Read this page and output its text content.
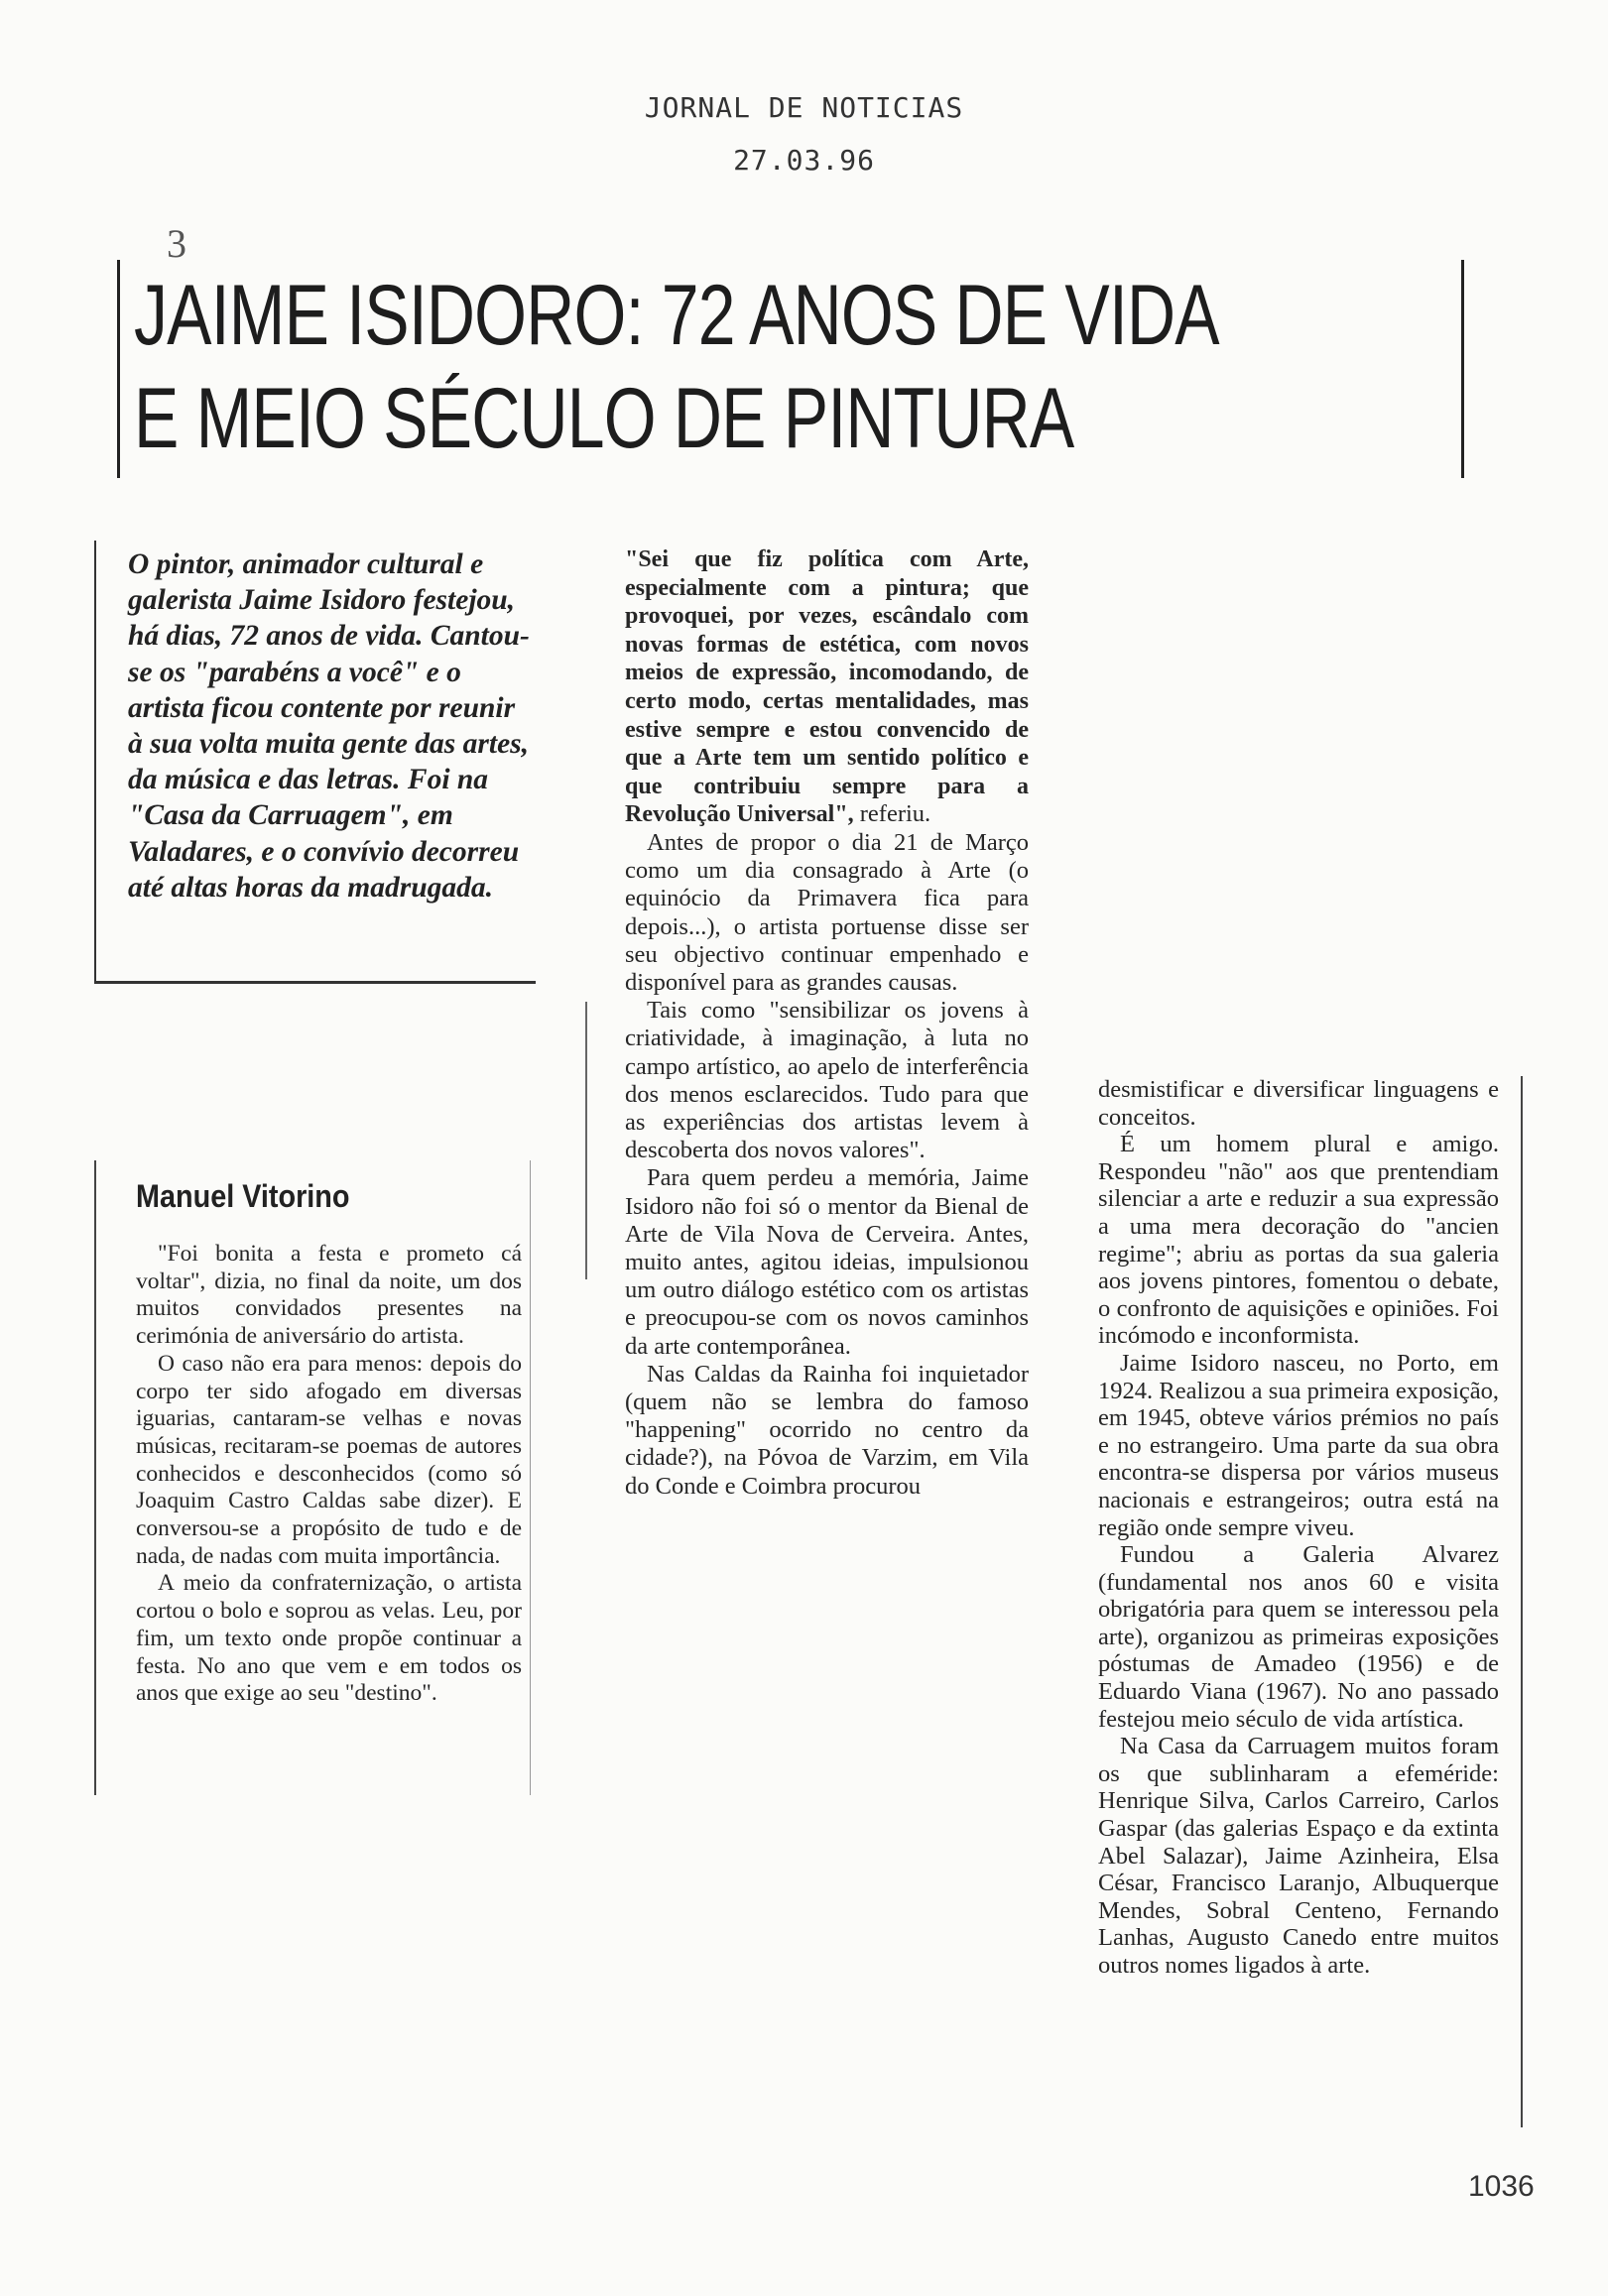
JORNAL DE NOTICIAS
27.03.96
3
JAIME ISIDORO: 72 ANOS DE VIDA
E MEIO SÉCULO DE PINTURA

O pintor, animador cultural e galerista Jaime Isidoro festejou, há dias, 72 anos de vida. Cantou-se os "parabéns a você" e o artista ficou contente por reunir à sua volta muita gente das artes, da música e das letras. Foi na "Casa da Carruagem", em Valadares, e o convívio decorreu até altas horas da madrugada.

Manuel Vitorino

"Foi bonita a festa e prometo cá voltar", dizia, no final da noite, um dos muitos convidados presentes na cerimónia de aniversário do artista.

O caso não era para menos: depois do corpo ter sido afogado em diversas iguarias, cantaram-se velhas e novas músicas, recitaram-se poemas de autores conhecidos e desconhecidos (como só Joaquim Castro Caldas sabe dizer). E conversou-se a propósito de tudo e de nada, de nadas com muita importância.

A meio da confraternização, o artista cortou o bolo e soprou as velas. Leu, por fim, um texto onde propõe continuar a festa. No ano que vem e em todos os anos que exige ao seu "destino".

"Sei que fiz política com Arte, especialmente com a pintura; que provoquei, por vezes, escândalo com novas formas de estética, com novos meios de expressão, incomodando, de certo modo, certas mentalidades, mas estive sempre e estou convencido de que a Arte tem um sentido político e que contribuiu sempre para a Revolução Universal", referiu.

Antes de propor o dia 21 de Março como um dia consagrado à Arte (o equinócio da Primavera fica para depois...), o artista portuense disse ser seu objectivo continuar empenhado e disponível para as grandes causas.

Tais como "sensibilizar os jovens à criatividade, à imaginação, à luta no campo artístico, ao apelo de interferência dos menos esclarecidos. Tudo para que as experiências dos artistas levem à descoberta dos novos valores".

Para quem perdeu a memória, Jaime Isidoro não foi só o mentor da Bienal de Arte de Vila Nova de Cerveira. Antes, muito antes, agitou ideias, impulsionou um outro diálogo estético com os artistas e preocupou-se com os novos caminhos da arte contemporânea.

Nas Caldas da Rainha foi inquietador (quem não se lembra do famoso "happening" ocorrido no centro da cidade?), na Póvoa de Varzim, em Vila do Conde e Coimbra procurou

desmistificar e diversificar linguagens e conceitos.

É um homem plural e amigo. Respondeu "não" aos que prentendiam silenciar a arte e reduzir a sua expressão a uma mera decoração do "ancien regime"; abriu as portas da sua galeria aos jovens pintores, fomentou o debate, o confronto de aquisições e opiniões. Foi incómodo e inconformista.

Jaime Isidoro nasceu, no Porto, em 1924. Realizou a sua primeira exposição, em 1945, obteve vários prémios no país e no estrangeiro. Uma parte da sua obra encontra-se dispersa por vários museus nacionais e estrangeiros; outra está na região onde sempre viveu.

Fundou a Galeria Alvarez (fundamental nos anos 60 e visita obrigatória para quem se interessou pela arte), organizou as primeiras exposições póstumas de Amadeo (1956) e de Eduardo Viana (1967). No ano passado festejou meio século de vida artística.

Na Casa da Carruagem muitos foram os que sublinharam a efeméride: Henrique Silva, Carlos Carreiro, Carlos Gaspar (das galerias Espaço e da extinta Abel Salazar), Jaime Azinheira, Elsa César, Francisco Laranjo, Albuquerque Mendes, Sobral Centeno, Fernando Lanhas, Augusto Canedo entre muitos outros nomes ligados à arte.

1036
